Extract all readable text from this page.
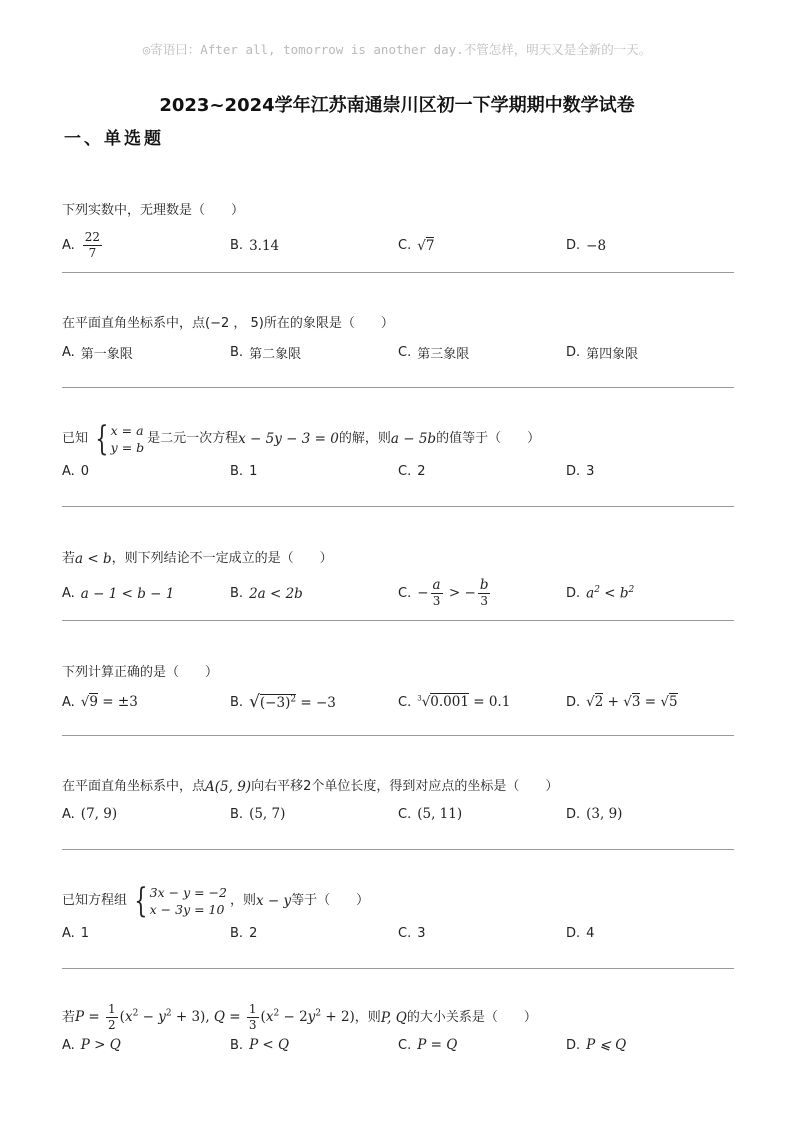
◎寄语曰：After all, tomorrow is another day.不管怎样，明天又是全新的一天。
2023~2024学年江苏南通崇川区初一下学期期中数学试卷
一、单选题
下列实数中，无理数是（　　）
A. $\frac{22}{7}$	B. 3.14	C. √7	D. −8
在平面直角坐标系中，点(−2 ， 5)所在的象限是（　　）
A. 第一象限	B. 第二象限	C. 第三象限	D. 第四象限
已知 { x = a
y = b
是二元一次方程 x − 5y − 3 = 0 的解，则 a − 5b 的值等于（　　）
A. 0	B. 1	C. 2	D. 3
若 a < b ，则下列结论不一定成立的是（　　）
A. a − 1 < b − 1	B. 2a < 2b	C. − $\frac{a}{3}$ > − $\frac{b}{3}$	D. $a^2 < b^2$
下列计算正确的是（　　）
A. √9 = ±3	B. $√(-3)^2 = -3$	C. $^3$√0.001 = 0.1	D. √2 + √3 = √5
在平面直角坐标系中，点 A(5, 9) 向右平移2个单位长度，得到对应点的坐标是（　　）
A. (7, 9)	B. (5, 7)	C. (5, 11)	D. (3, 9)
已知方程组 { 3x − y = −2
x − 3y = 10
，则 x − y 等于（　　）
A. 1	B. 2	C. 3	D. 4
若 $P = \frac{1}{2} (x^2 - y^2 + 3)$, $Q = \frac{1}{3} (x^2 - 2y^2 + 2)$ ，则 P, Q 的大小关系是（　　）
A. P > Q	B. P < Q	C. P = Q	D. P ⩽ Q
